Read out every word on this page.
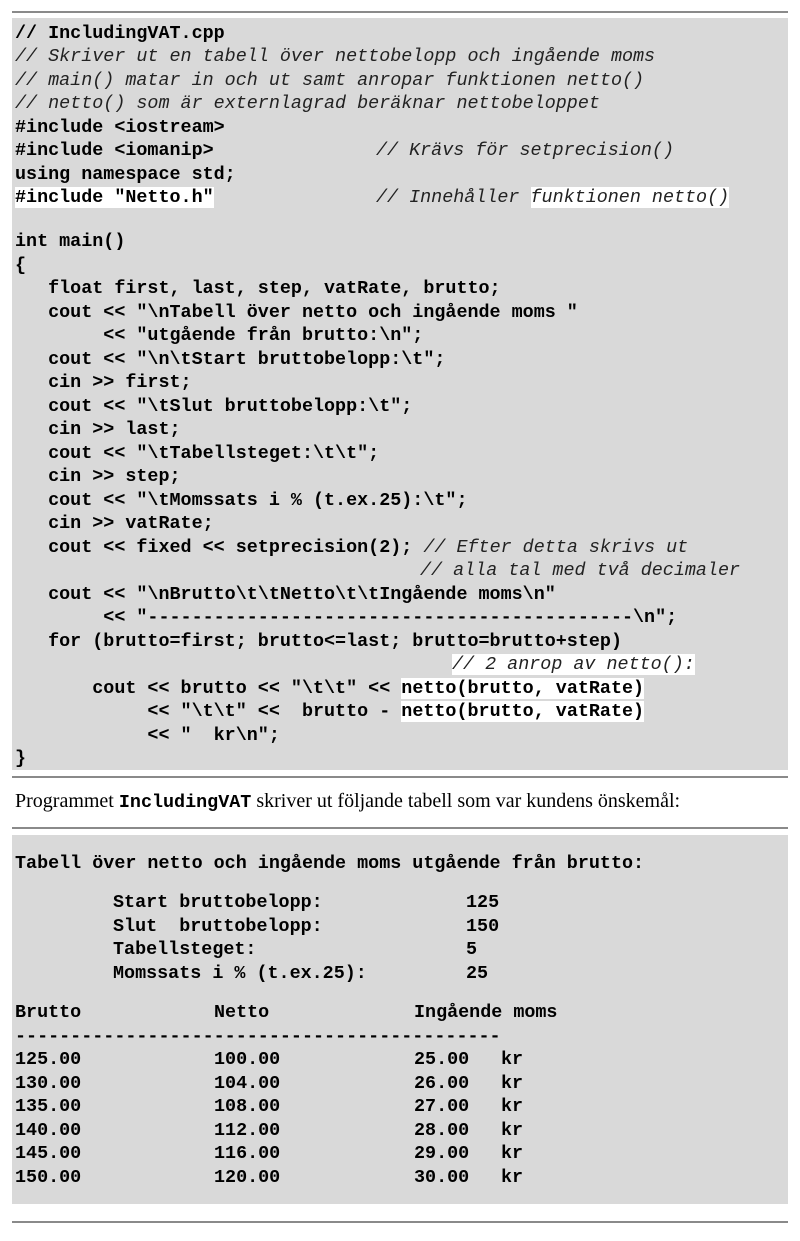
// IncludingVAT.cpp
// Skriver ut en tabell över nettobelopp och ingående moms
// main() matar in och ut samt anropar funktionen netto()
// netto() som är externlagrad beräknar nettobeloppet
#include <iostream>
#include <iomanip>	// Krävs för setprecision()
using namespace std;
#include "Netto.h"	// Innehåller funktionen netto()
int main()
{
float first, last, step, vatRate, brutto;
cout << "\nTabell över netto och ingående moms "
<< "utgående från brutto:\n";
cout << "\n\tStart bruttobelopp:\t";
cin >> first;
cout << "\tSlut bruttobelopp:\t";
cin >> last;
cout << "\tTabellsteget:\t\t";
cin >> step;
cout << "\tMomssats i % (t.ex.25):\t";
cin >> vatRate;
cout << fixed << setprecision(2); // Efter detta skrivs ut
// alla tal med två decimaler
cout << "\nBrutto\t\tNetto\t\tIngående moms\n"
<< "--------------------------------------------\n";
for (brutto=first; brutto<=last; brutto=brutto+step)
// 2 anrop av netto():
cout << brutto << "\t\t" << netto(brutto, vatRate)
<< "\t\t" <<  brutto - netto(brutto, vatRate)
<< "  kr\n";
}
Programmet IncludingVAT skriver ut följande tabell som var kundens önskemål:
Tabell över netto och ingående moms utgående från brutto:
Start bruttobelopp:	125
Slut  bruttobelopp:	150
Tabellsteget:	5
Momssats i % (t.ex.25):	25
Brutto	Netto	Ingående moms
--------------------------------------------
125.00	100.00	25.00 kr
130.00	104.00	26.00 kr
135.00	108.00	27.00 kr
140.00	112.00	28.00 kr
145.00	116.00	29.00 kr
150.00	120.00	30.00 kr
